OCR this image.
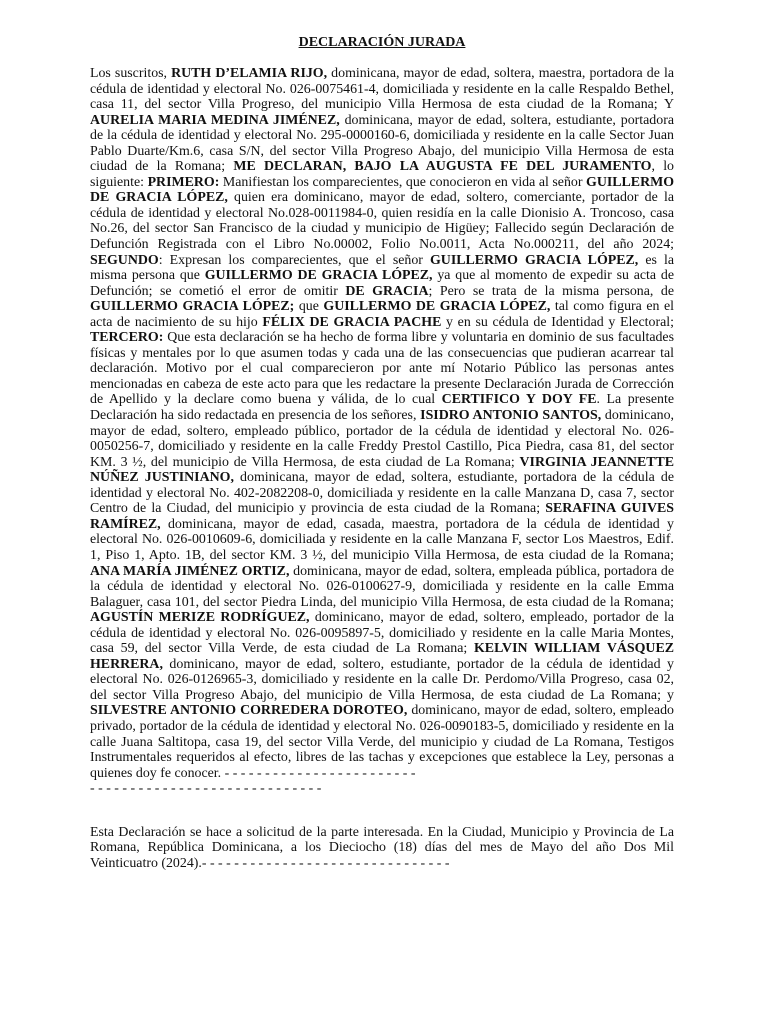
DECLARACIÓN JURADA

Los suscritos, RUTH D’ELAMIA RIJO, dominicana, mayor de edad, soltera, maestra, portadora de la cédula de identidad y electoral No. 026-0075461-4, domiciliada y residente en la calle Respaldo Bethel, casa 11, del sector Villa Progreso, del municipio Villa Hermosa de esta ciudad de la Romana; Y AURELIA MARIA MEDINA JIMÉNEZ, dominicana, mayor de edad, soltera, estudiante, portadora de la cédula de identidad y electoral No. 295-0000160-6, domiciliada y residente en la calle Sector Juan Pablo Duarte/Km.6, casa S/N, del sector Villa Progreso Abajo, del municipio Villa Hermosa de esta ciudad de la Romana; ME DECLARAN, BAJO LA AUGUSTA FE DEL JURAMENTO, lo siguiente: PRIMERO: Manifiestan los comparecientes, que conocieron en vida al señor GUILLERMO DE GRACIA LÓPEZ, quien era dominicano, mayor de edad, soltero, comerciante, portador de la cédula de identidad y electoral No.028-0011984-0, quien residía en la calle Dionisio A. Troncoso, casa No.26, del sector San Francisco de la ciudad y municipio de Higüey; Fallecido según Declaración de Defunción Registrada con el Libro No.00002, Folio No.0011, Acta No.000211, del año 2024; SEGUNDO: Expresan los comparecientes, que el señor GUILLERMO GRACIA LÓPEZ, es la misma persona que GUILLERMO DE GRACIA LÓPEZ, ya que al momento de expedir su acta de Defunción; se cometió el error de omitir DE GRACIA; Pero se trata de la misma persona, de GUILLERMO GRACIA LÓPEZ; que GUILLERMO DE GRACIA LÓPEZ, tal como figura en el acta de nacimiento de su hijo FÉLIX DE GRACIA PACHE y en su cédula de Identidad y Electoral; TERCERO: Que esta declaración se ha hecho de forma libre y voluntaria en dominio de sus facultades físicas y mentales por lo que asumen todas y cada una de las consecuencias que pudieran acarrear tal declaración. Motivo por el cual comparecieron por ante mí Notario Público las personas antes mencionadas en cabeza de este acto para que les redactare la presente Declaración Jurada de Corrección de Apellido y la declare como buena y válida, de lo cual CERTIFICO Y DOY FE. La presente Declaración ha sido redactada en presencia de los señores, ISIDRO ANTONIO SANTOS, dominicano, mayor de edad, soltero, empleado público, portador de la cédula de identidad y electoral No. 026-0050256-7, domiciliado y residente en la calle Freddy Prestol Castillo, Pica Piedra, casa 81, del sector KM. 3 ½, del municipio de Villa Hermosa, de esta ciudad de La Romana; VIRGINIA JEANNETTE NÚÑEZ JUSTINIANO, dominicana, mayor de edad, soltera, estudiante, portadora de la cédula de identidad y electoral No. 402-2082208-0, domiciliada y residente en la calle Manzana D, casa 7, sector Centro de la Ciudad, del municipio y provincia de esta ciudad de la Romana; SERAFINA GUIVES RAMÍREZ, dominicana, mayor de edad, casada, maestra, portadora de la cédula de identidad y electoral No. 026-0010609-6, domiciliada y residente en la calle Manzana F, sector Los Maestros, Edif. 1, Piso 1, Apto. 1B, del sector KM. 3 ½, del municipio Villa Hermosa, de esta ciudad de la Romana; ANA MARÍA JIMÉNEZ ORTIZ, dominicana, mayor de edad, soltera, empleada pública, portadora de la cédula de identidad y electoral No. 026-0100627-9, domiciliada y residente en la calle Emma Balaguer, casa 101, del sector Piedra Linda, del municipio Villa Hermosa, de esta ciudad de la Romana; AGUSTÍN MERIZE RODRÍGUEZ, dominicano, mayor de edad, soltero, empleado, portador de la cédula de identidad y electoral No. 026-0095897-5, domiciliado y residente en la calle Maria Montes, casa 59, del sector Villa Verde, de esta ciudad de La Romana; KELVIN WILLIAM VÁSQUEZ HERRERA, dominicano, mayor de edad, soltero, estudiante, portador de la cédula de identidad y electoral No. 026-0126965-3, domiciliado y residente en la calle Dr. Perdomo/Villa Progreso, casa 02, del sector Villa Progreso Abajo, del municipio de Villa Hermosa, de esta ciudad de La Romana; y SILVESTRE ANTONIO CORREDERA DOROTEO, dominicano, mayor de edad, soltero, empleado privado, portador de la cédula de identidad y electoral No. 026-0090183-5, domiciliado y residente en la calle Juana Saltitopa, casa 19, del sector Villa Verde, del municipio y ciudad de La Romana, Testigos Instrumentales requeridos al efecto, libres de las tachas y excepciones que establece la Ley, personas a quienes doy fe conocer. - - - - - - - - - - - - - - - - - - - - - - - -

- - - - - - - - - - - - - - - - - - - - - - - - - - - - -

Esta Declaración se hace a solicitud de la parte interesada. En la Ciudad, Municipio y Provincia de La Romana, República Dominicana, a los Dieciocho (18) días del mes de Mayo del año Dos Mil Veinticuatro (2024).- - - - - - - - - - - - - - - - - - - - - - - - - - - - - - -
